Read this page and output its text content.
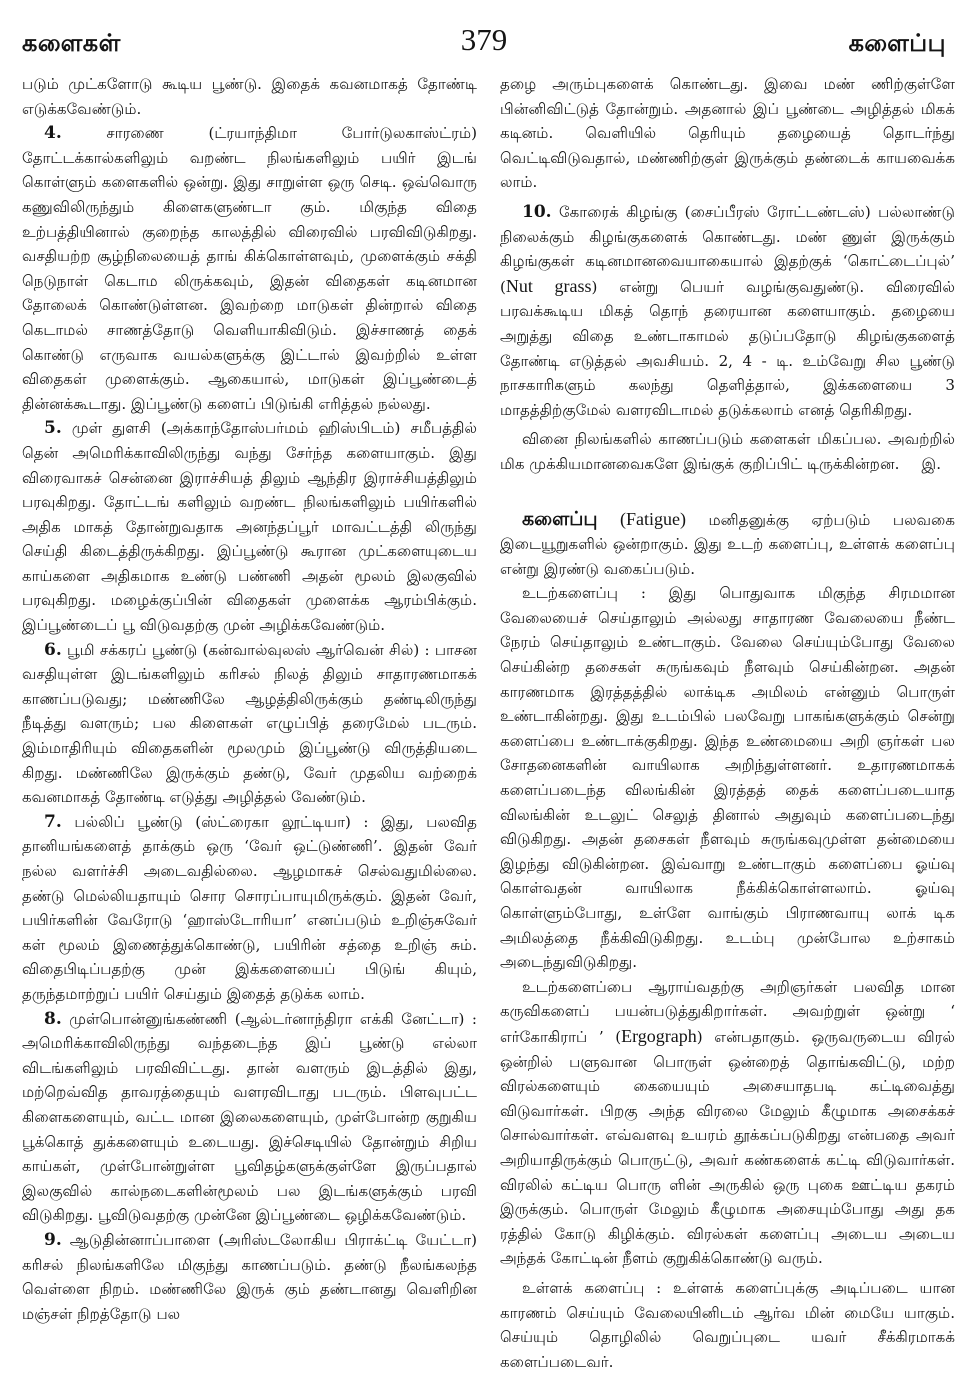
களைகள்	379	களைப்பு

படும் முட்களோடு கூடிய பூண்டு. இதைக் கவனமாகத் தோண்டி எடுக்கவேண்டும்.

4.	சாரணை (ட்ரயாந்திமா போர்டுலகாஸ்ட்ரம்) தோட்டக்கால்களிலும் வறண்ட நிலங்களிலும் பயிர் இடங் கொள்ளும் களைகளில் ஒன்று. இது சாறுள்ள ஒரு செடி. ஒவ்வொரு கணுவிலிருந்தும் கிளைகளுண்டா கும். மிகுந்த விதை உற்பத்தியினால் குறைந்த காலத்தில் விரைவில் பரவிவிடுகிறது. வசதியற்ற சூழ்நிலையைத் தாங் கிக்கொள்ளவும், முளைக்கும் சக்தி நெடுநாள் கெடாம லிருக்கவும், இதன் விதைகள் கடினமான தோலைக் கொண்டுள்ளன. இவற்றை மாடுகள் தின்றால் விதை கெடாமல் சாணத்தோடு வெளியாகிவிடும். இச்சாணத் தைக் கொண்டு எருவாக வயல்களுக்கு இட்டால் இவற்றில் உள்ள விதைகள் முளைக்கும். ஆகையால், மாடுகள் இப்பூண்டைத் தின்னக்கூடாது. இப்பூண்டு களைப் பிடுங்கி எரித்தல் நல்லது.

5. முள் துளசி (அக்காந்தோஸ்பர்மம் ஹிஸ்பிடம்) சமீபத்தில் தென் அமெரிக்காவிலிருந்து வந்து சேர்ந்த களையாகும். இது விரைவாகச் சென்னை இராச்சியத் திலும் ஆந்திர இராச்சியத்திலும் பரவுகிறது. தோட்டங் களிலும் வறண்ட நிலங்களிலும் பயிர்களில் அதிக மாகத் தோன்றுவதாக அனந்தப்பூர் மாவட்டத்தி லிருந்து செய்தி கிடைத்திருக்கிறது. இப்பூண்டு கூரான முட்களையுடைய காய்களை அதிகமாக உண்டு பண்ணி அதன் மூலம் இலகுவில் பரவுகிறது. மழைக்குப்பின் விதைகள் முளைக்க ஆரம்பிக்கும். இப்பூண்டைப் பூ விடுவதற்கு முன் அழிக்கவேண்டும்.

6. பூமி சக்கரப் பூண்டு (கன்வால்வுலஸ் ஆர்வென் சில்) : பாசன வசதியுள்ள இடங்களிலும் கரிசல் நிலத் திலும் சாதாரணமாகக் காணப்படுவது; மண்ணிலே ஆழத்திலிருக்கும் தண்டிலிருந்து நீடித்து வளரும்; பல கிளைகள் எழுப்பித் தரைமேல் படரும். இம்மாதிரியும் விதைகளின் மூலமும் இப்பூண்டு விருத்தியடை கிறது. மண்ணிலே இருக்கும் தண்டு, வேர் முதலிய வற்றைக் கவனமாகத் தோண்டி எடுத்து அழித்தல் வேண்டும்.

7. பல்லிப் பூண்டு (ஸ்ட்ரைகா லூட்டியா) : இது, பலவித தானியங்களைத் தாக்கும் ஒரு ‘வேர் ஒட்டுண்ணி’. இதன் வேர் நல்ல வளர்ச்சி அடைவதில்லை. ஆழமாகச் செல்வதுமில்லை. தண்டு மெல்லியதாயும் சொர சொரப்பாயுமிருக்கும். இதன் வேர், பயிர்களின் வேரோடு ‘ஹாஸ்டோரியா’ எனப்படும் உறிஞ்சுவேர் கள் மூலம் இணைத்துக்கொண்டு, பயிரின் சத்தை உறிஞ் சும். விதைபிடிப்பதற்கு முன் இக்களையைப் பிடுங் கியும், தருந்தமாற்றுப் பயிர் செய்தும் இதைத் தடுக்க லாம்.

8. முள்பொன்னுங்கண்ணி (ஆல்டர்னாந்திரா எக்கி னேட்டா) : அமெரிக்காவிலிருந்து வந்தடைந்த இப் பூண்டு எல்லா விடங்களிலும் பரவிவிட்டது. தான் வளரும் இடத்தில் இது, மற்றெவ்வித தாவரத்தையும் வளரவிடாது படரும். பிளவுபட்ட கிளைகளையும், வட்ட மான இலைகளையும், முள்போன்ற குறுகிய பூக்கொத் துக்களையும் உடையது. இச்செடியில் தோன்றும் சிறிய காய்கள், முள்போன்றுள்ள பூவிதழ்களுக்குள்ளே இருப்பதால் இலகுவில் கால்நடைகளின்மூலம் பல இடங்களுக்கும் பரவி விடுகிறது. பூவிடுவதற்கு முன்னே இப்பூண்டை ஒழிக்கவேண்டும்.

9. ஆடுதின்னாப்பாளை (அரிஸ்டலோகிய பிராக்ட்டி யேட்டா) கரிசல் நிலங்களிலே மிகுந்து காணப்படும். தண்டு நீலங்கலந்த வெள்ளை நிறம். மண்ணிலே இருக் கும் தண்டானது வெளிறின மஞ்சள் நிறத்தோடு பல

தழை அரும்புகளைக் கொண்டது. இவை மண் ணிற்குள்ளே பின்னிவிட்டுத் தோன்றும். அதனால் இப் பூண்டை அழித்தல் மிகக் கடினம். வெளியில் தெரியும் தழையைத் தொடர்ந்து வெட்டிவிடுவதால், மண்ணிற்குள் இருக்கும் தண்டைக் காயவைக்க லாம்.

10. கோரைக் கிழங்கு (சைப்பீரஸ் ரோட்டண்டஸ்) பல்லாண்டு நிலைக்கும் கிழங்குகளைக் கொண்டது. மண் ணுள் இருக்கும் கிழங்குகள் கடினமானவையாகையால் இதற்குக் ‘கொட்டைப்புல்’ (Nut grass) என்று பெயர் வழங்குவதுண்டு. விரைவில் பரவக்கூடிய மிகத் தொந் தரையான களையாகும். தழையை அறுத்து விதை உண்டாகாமல் தடுப்பதோடு கிழங்குகளைத் தோண்டி எடுத்தல் அவசியம். 2, 4 - டி. உம்வேறு சில பூண்டு நாசகாரிகளும் கலந்து தெளித்தால், இக்களையை 3 மாதத்திற்குமேல் வளரவிடாமல் தடுக்கலாம் எனத் தெரிகிறது.

வினை நிலங்களில் காணப்படும் களைகள் மிகப்பல. அவற்றில் மிக முக்கியமானவைகளே இங்குக் குறிப்பிட் டிருக்கின்றன.	இ.

களைப்பு (Fatigue) மனிதனுக்கு ஏற்படும் பலவகை இடையூறுகளில் ஒன்றாகும். இது உடற் களைப்பு, உள்ளக் களைப்பு என்று இரண்டு வகைப்படும்.

உடற்களைப்பு : இது பொதுவாக மிகுந்த சிரமமான வேலையைச் செய்தாலும் அல்லது சாதாரண வேலையை நீண்ட நேரம் செய்தாலும் உண்டாகும். வேலை செய்யும்போது வேலை செய்கின்ற தசைகள் சுருங்கவும் நீளவும் செய்கின்றன. அதன் காரணமாக இரத்தத்தில் லாக்டிக அமிலம் என்னும் பொருள் உண்டாகின்றது. இது உடம்பில் பலவேறு பாகங்களுக்கும் சென்று களைப்பை உண்டாக்குகிறது. இந்த உண்மையை அறி ஞர்கள் பல சோதனைகளின் வாயிலாக அறிந்துள்ளனர். உதாரணமாகக் களைப்படைந்த விலங்கின் இரத்தத் தைக் களைப்படையாத விலங்கின் உடலுட் செலுத் தினால் அதுவும் களைப்படைந்து விடுகிறது. அதன் தசைகள் நீளவும் சுருங்கவுமுள்ள தன்மையை இழந்து விடுகின்றன. இவ்வாறு உண்டாகும் களைப்பை ஓய்வு கொள்வதன் வாயிலாக நீக்கிக்கொள்ளலாம். ஓய்வு கொள்ளும்போது, உள்ளே வாங்கும் பிராணவாயு லாக் டிக அமிலத்தை நீக்கிவிடுகிறது. உடம்பு முன்போல உற்சாகம் அடைந்துவிடுகிறது.

உடற்களைப்பை ஆராய்வதற்கு அறிஞர்கள் பலவித மான கருவிகளைப் பயன்படுத்துகிறார்கள். அவற்றுள் ஒன்று ‘ எர்கோகிராப் ’ (Ergograph) என்பதாகும். ஒருவருடைய விரல் ஒன்றில் பளுவான பொருள் ஒன்றைத் தொங்கவிட்டு, மற்ற விரல்களையும் கையையும் அசையாதபடி கட்டிவைத்து விடுவார்கள். பிறகு அந்த விரலை மேலும் கீழுமாக அசைக்கச் சொல்வார்கள். எவ்வளவு உயரம் தூக்கப்படுகிறது என்பதை அவர் அறியாதிருக்கும் பொருட்டு, அவர் கண்களைக் கட்டி விடுவார்கள். விரலில் கட்டிய பொரு ளின் அருகில் ஒரு புகை ஊட்டிய தகரம் இருக்கும். பொருள் மேலும் கீழுமாக அசையும்போது அது தக ரத்தில் கோடு கிழிக்கும். விரல்கள் களைப்பு அடைய அடைய அந்தக் கோட்டின் நீளம் குறுகிக்கொண்டு வரும்.

உள்ளக் களைப்பு : உள்ளக் களைப்புக்கு அடிப்படை யான காரணம் செய்யும் வேலையினிடம் ஆர்வ மின் மையே யாகும். செய்யும் தொழிலில் வெறுப்புடை யவர் சீக்கிரமாகக் களைப்படைவர்.
